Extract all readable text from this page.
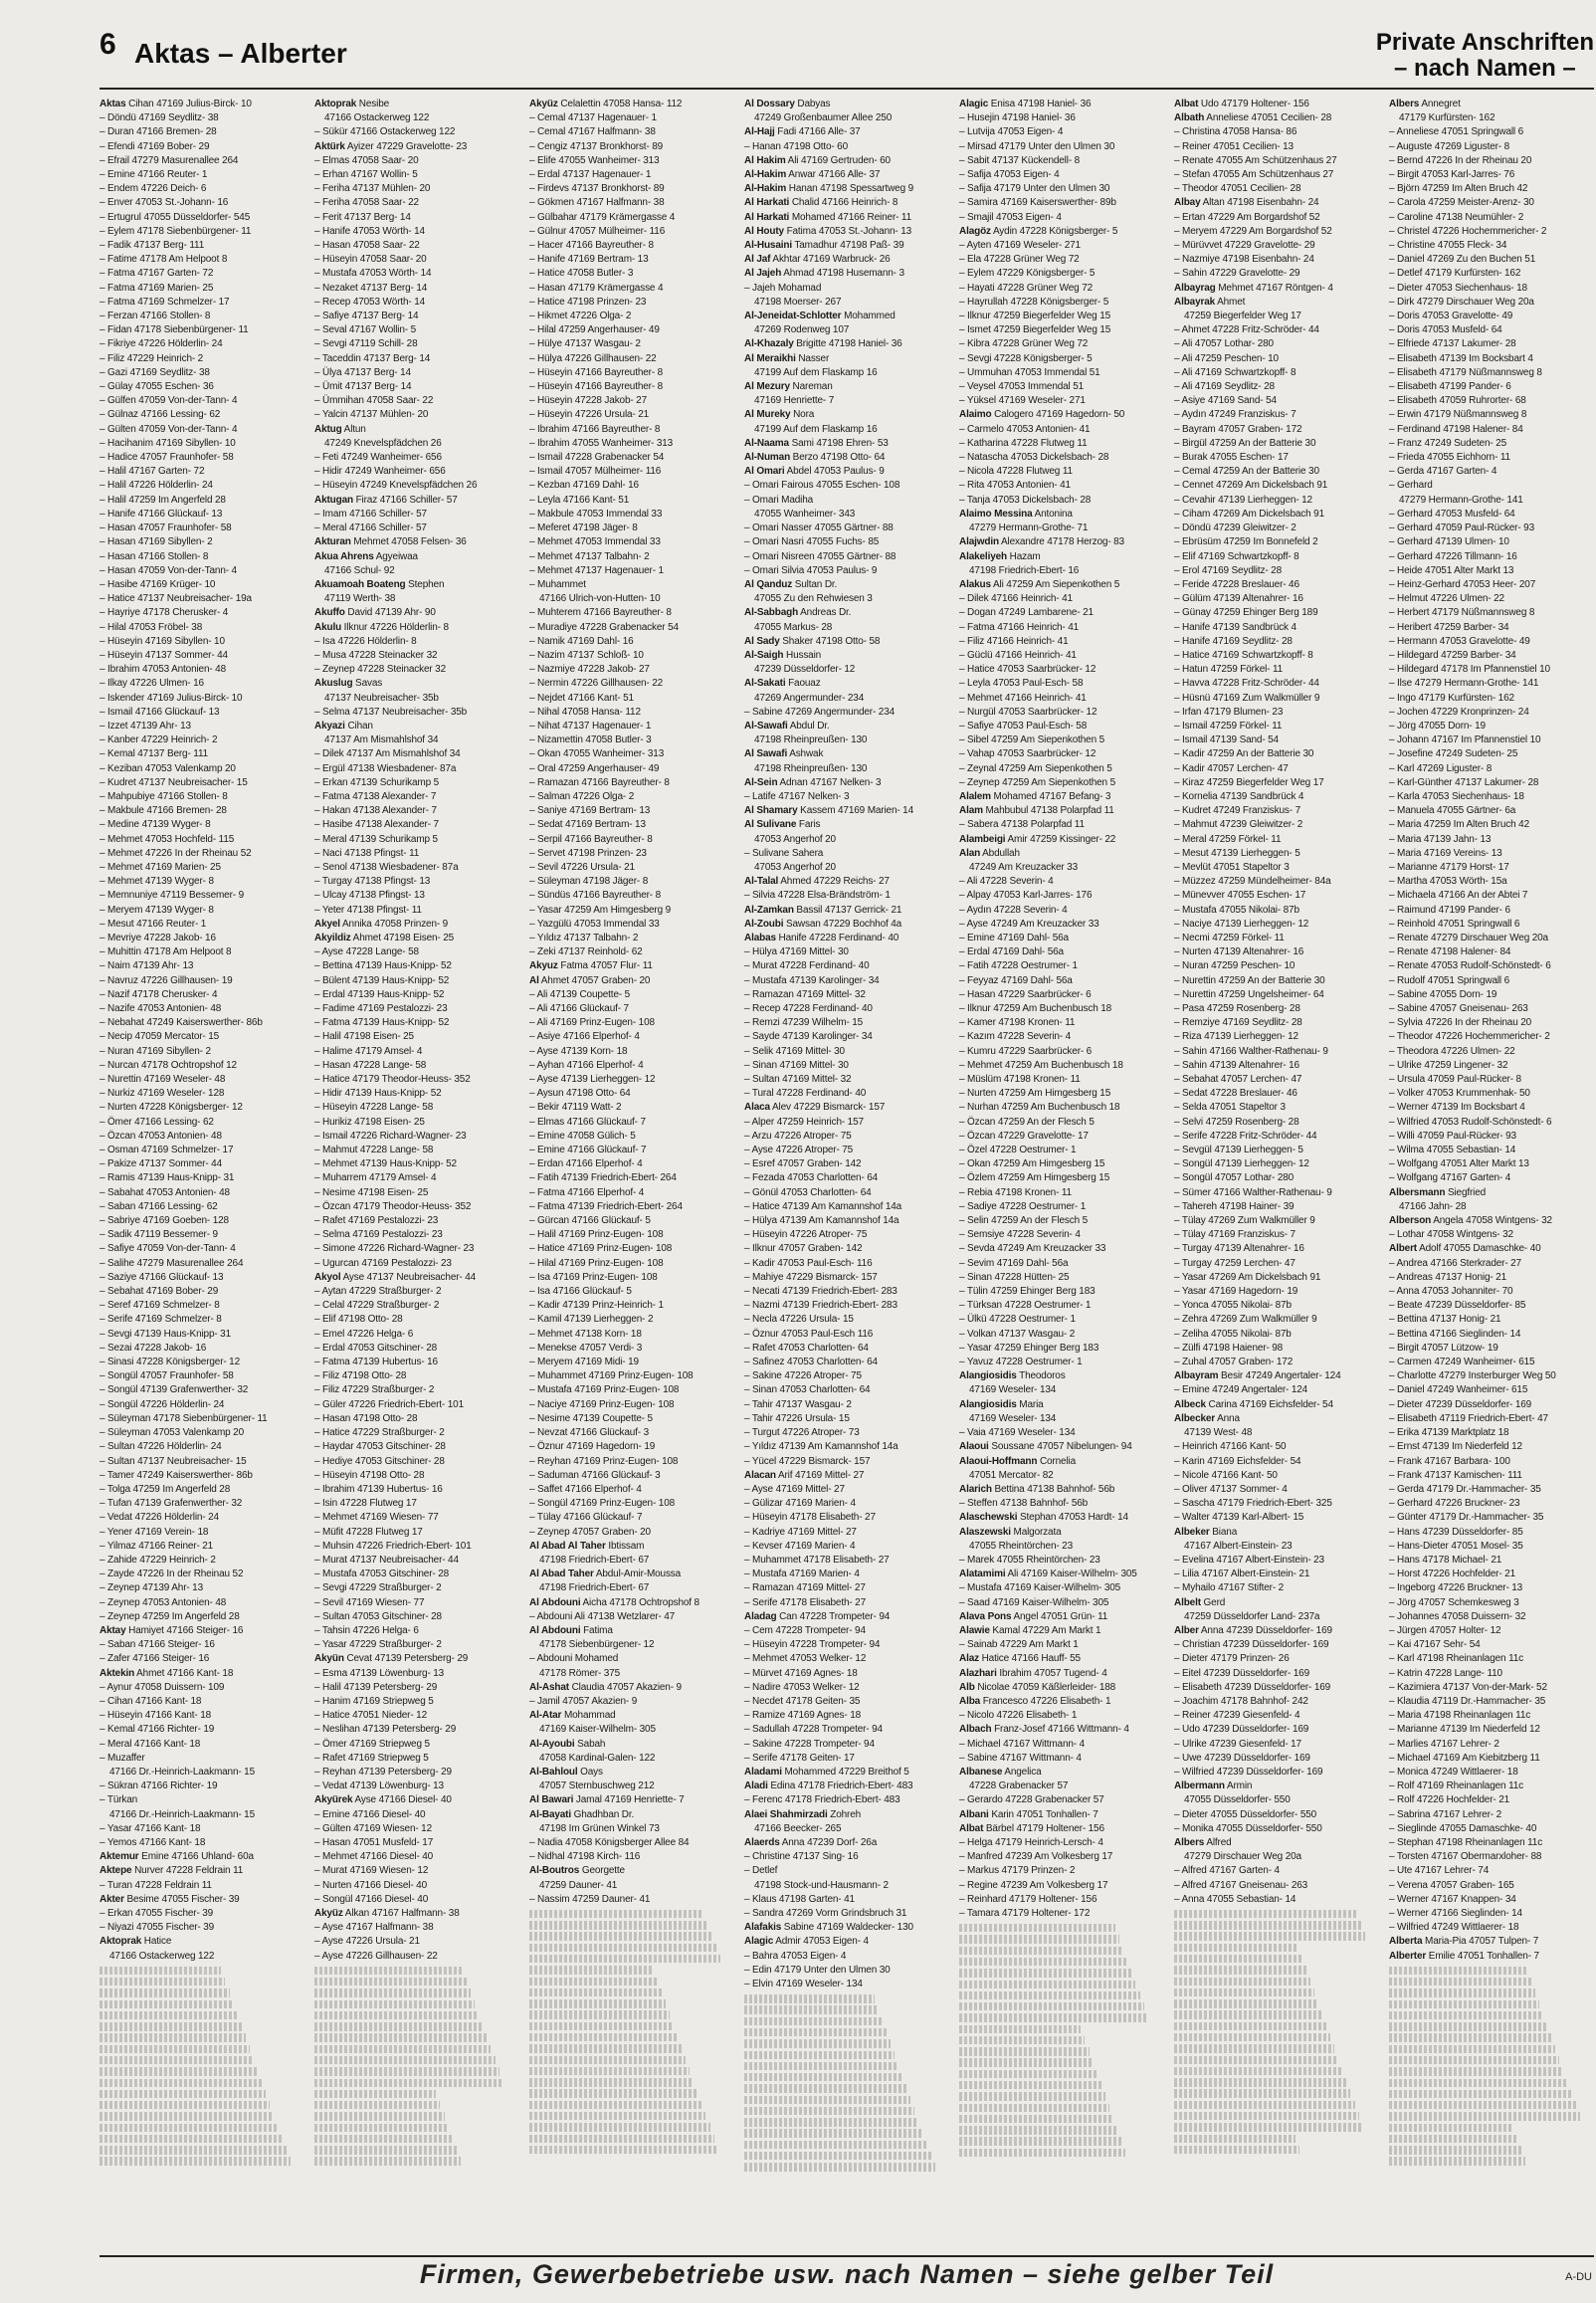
6 Aktas – Alberter	Private Anschriften
– nach Namen –
Aktas Cihan 47169 Julius-Birck- 10
– Döndü 47169 Seydlitz- 38
– Duran 47166 Bremen- 28
– Efendi 47169 Bober- 29
– Efrail 47279 Masurenallee 264
– Emine 47166 Reuter- 1
– Endem 47226 Deich- 6
– Enver 47053 St.-Johann- 16
– Ertugrul 47055 Düsseldorfer- 545
– Eylem 47178 Siebenbürgener- 11
– Fadik 47137 Berg- 111
– Fatime 47178 Am Helpoot 8
– Fatma 47167 Garten- 72
– Fatma 47169 Marien- 25
– Fatma 47169 Schmelzer- 17
– Ferzan 47166 Stollen- 8
– Fidan 47178 Siebenbürgener- 11
– Fikriye 47226 Hölderlin- 24
– Filiz 47229 Heinrich- 2
– Gazi 47169 Seydlitz- 38
– Gülay 47055 Eschen- 36
– Gülfen 47059 Von-der-Tann- 4
– Gülnaz 47166 Lessing- 62
– Gülten 47059 Von-der-Tann- 4
– Hacihanim 47169 Sibyllen- 10
– Hadice 47057 Fraunhofer- 58
– Halil 47167 Garten- 72
– Halil 47226 Hölderlin- 24
– Halil 47259 Im Angerfeld 28
– Hanife 47166 Glückauf- 13
– Hasan 47057 Fraunhofer- 58
– Hasan 47169 Sibyllen- 2
– Hasan 47166 Stollen- 8
– Hasan 47059 Von-der-Tann- 4
– Hasibe 47169 Krüger- 10
– Hatice 47137 Neubreisacher- 19a
– Hayriye 47178 Cherusker- 4
– Hilal 47053 Fröbel- 38
– Hüseyin 47169 Sibyllen- 10
– Hüseyin 47137 Sommer- 44
– Ibrahim 47053 Antonien- 48
– Ilkay 47226 Ulmen- 16
– Iskender 47169 Julius-Birck- 10
– Ismail 47166 Glückauf- 13
– Izzet 47139 Ahr- 13
– Kanber 47229 Heinrich- 2
– Kemal 47137 Berg- 111
– Keziban 47053 Valenkamp 20
– Kudret 47137 Neubreisacher- 15
– Mahpubiye 47166 Stollen- 8
– Makbule 47166 Bremen- 28
– Medine 47139 Wyger- 8
– Mehmet 47053 Hochfeld- 115
– Mehmet 47226 In der Rheinau 52
– Mehmet 47169 Marien- 25
– Mehmet 47139 Wyger- 8
– Memnuniye 47119 Bessemer- 9
– Meryem 47139 Wyger- 8
– Mesut 47166 Reuter- 1
– Mevriye 47228 Jakob- 16
– Muhittin 47178 Am Helpoot 8
– Naim 47139 Ahr- 13
– Navruz 47226 Gillhausen- 19
– Nazif 47178 Cherusker- 4
– Nazife 47053 Antonien- 48
– Nebahat 47249 Kaiserswerther- 86b
– Necip 47059 Mercator- 15
– Nuran 47169 Sibyllen- 2
– Nurcan 47178 Ochtropshof 12
– Nurettin 47169 Weseler- 48
– Nurkiz 47169 Weseler- 128
– Nurten 47228 Königsberger- 12
– Ömer 47166 Lessing- 62
– Özcan 47053 Antonien- 48
– Osman 47169 Schmelzer- 17
– Pakize 47137 Sommer- 44
– Ramis 47139 Haus-Knipp- 31
– Sabahat 47053 Antonien- 48
– Saban 47166 Lessing- 62
– Sabriye 47169 Goeben- 128
– Sadik 47119 Bessemer- 9
– Safiye 47059 Von-der-Tann- 4
– Salihe 47279 Masurenallee 264
– Saziye 47166 Glückauf- 13
– Sebahat 47169 Bober- 29
– Seref 47169 Schmelzer- 8
– Serife 47169 Schmelzer- 8
– Sevgi 47139 Haus-Knipp- 31
– Sezai 47228 Jakob- 16
– Sinasi 47228 Königsberger- 12
– Songül 47057 Fraunhofer- 58
– Songül 47139 Grafenwerther- 32
– Songül 47226 Hölderlin- 24
– Süleyman 47178 Siebenbürgener- 11
– Süleyman 47053 Valenkamp 20
– Sultan 47226 Hölderlin- 24
– Sultan 47137 Neubreisacher- 15
– Tamer 47249 Kaiserswerther- 86b
– Tolga 47259 Im Angerfeld 28
– Tufan 47139 Grafenwerther- 32
– Vedat 47226 Hölderlin- 24
– Yener 47169 Verein- 18
– Yilmaz 47166 Reiner- 21
– Zahide 47229 Heinrich- 2
– Zayde 47226 In der Rheinau 52
– Zeynep 47139 Ahr- 13
– Zeynep 47053 Antonien- 48
– Zeynep 47259 Im Angerfeld 28
Aktay Hamiyet 47166 Steiger- 16
– Saban 47166 Steiger- 16
– Zafer 47166 Steiger- 16
Aktekin Ahmet 47166 Kant- 18
– Aynur 47058 Duissern- 109
– Cihan 47166 Kant- 18
– Hüseyin 47166 Kant- 18
– Kemal 47166 Richter- 19
– Meral 47166 Kant- 18
– Muzaffer
47166 Dr.-Heinrich-Laakmann- 15
– Sükran 47166 Richter- 19
– Türkan
47166 Dr.-Heinrich-Laakmann- 15
– Yasar 47166 Kant- 18
– Yemos 47166 Kant- 18
Aktemur Emine 47166 Uhland- 60a
Aktepe Nurver 47228 Feldrain 11
– Turan 47228 Feldrain 11
Akter Besime 47055 Fischer- 39
– Erkan 47055 Fischer- 39
– Niyazi 47055 Fischer- 39
Aktoprak Hatice
47166 Ostackerweg 122
Aktoprak Nesibe
47166 Ostackerweg 122
– Sükür 47166 Ostackerweg 122
Aktürk Ayizer 47229 Gravelotte- 23
– Elmas 47058 Saar- 20
– Erhan 47167 Wollin- 5
– Feriha 47137 Mühlen- 20
– Feriha 47058 Saar- 22
– Ferit 47137 Berg- 14
– Hanife 47053 Wörth- 14
– Hasan 47058 Saar- 22
– Hüseyin 47058 Saar- 20
– Mustafa 47053 Wörth- 14
– Nezaket 47137 Berg- 14
– Recep 47053 Wörth- 14
– Safiye 47137 Berg- 14
– Seval 47167 Wollin- 5
– Sevgi 47119 Schill- 28
– Taceddin 47137 Berg- 14
– Ülya 47137 Berg- 14
– Ümit 47137 Berg- 14
– Ümmihan 47058 Saar- 22
– Yalcin 47137 Mühlen- 20
Aktug Altun
47249 Knevelspfädchen 26
– Feti 47249 Wanheimer- 656
– Hidir 47249 Wanheimer- 656
– Hüseyin 47249 Knevelspfädchen 26
Aktugan Firaz 47166 Schiller- 57
– Imam 47166 Schiller- 57
– Meral 47166 Schiller- 57
Akturan Mehmet 47058 Felsen- 36
Akua Ahrens Agyeiwaa
47166 Schul- 92
Akuamoah Boateng Stephen
47119 Werth- 38
Akuffo David 47139 Ahr- 90
Akulu Ilknur 47226 Hölderlin- 8
– Isa 47226 Hölderlin- 8
– Musa 47228 Steinacker 32
– Zeynep 47228 Steinacker 32
Akuslug Savas
47137 Neubreisacher- 35b
– Selma 47137 Neubreisacher- 35b
Akyazi Cihan
47137 Am Mismahlshof 34
– Dilek 47137 Am Mismahlshof 34
– Ergül 47138 Wiesbadener- 87a
– Erkan 47139 Schurikamp 5
– Fatma 47138 Alexander- 7
– Hakan 47138 Alexander- 7
– Hasibe 47138 Alexander- 7
– Meral 47139 Schurikamp 5
– Naci 47138 Pfingst- 11
– Senol 47138 Wiesbadener- 87a
– Turgay 47138 Pfingst- 13
– Ulcay 47138 Pfingst- 13
– Yeter 47138 Pfingst- 11
Akyel Annika 47058 Prinzen- 9
Akyildiz Ahmet 47198 Eisen- 25
– Ayse 47228 Lange- 58
– Bettina 47139 Haus-Knipp- 52
– Bülent 47139 Haus-Knipp- 52
– Erdal 47139 Haus-Knipp- 52
– Fadime 47169 Pestalozzi- 23
– Fatma 47139 Haus-Knipp- 52
– Halil 47198 Eisen- 25
– Halime 47179 Amsel- 4
– Hasan 47228 Lange- 58
– Hatice 47179 Theodor-Heuss- 352
– Hidir 47139 Haus-Knipp- 52
– Hüseyin 47228 Lange- 58
– Hurikiz 47198 Eisen- 25
– Ismail 47226 Richard-Wagner- 23
– Mahmut 47228 Lange- 58
– Mehmet 47139 Haus-Knipp- 52
– Muharrem 47179 Amsel- 4
– Nesime 47198 Eisen- 25
– Özcan 47179 Theodor-Heuss- 352
– Rafet 47169 Pestalozzi- 23
– Selma 47169 Pestalozzi- 23
– Simone 47226 Richard-Wagner- 23
– Ugurcan 47169 Pestalozzi- 23
Akyol Ayse 47137 Neubreisacher- 44
– Aytan 47229 Straßburger- 2
– Celal 47229 Straßburger- 2
– Elif 47198 Otto- 28
– Emel 47226 Helga- 6
– Erdal 47053 Gitschiner- 28
– Fatma 47139 Hubertus- 16
– Filiz 47198 Otto- 28
– Filiz 47229 Straßburger- 2
– Güler 47226 Friedrich-Ebert- 101
– Hasan 47198 Otto- 28
– Hatice 47229 Straßburger- 2
– Haydar 47053 Gitschiner- 28
– Hediye 47053 Gitschiner- 28
– Hüseyin 47198 Otto- 28
– Ibrahim 47139 Hubertus- 16
– Isin 47228 Flutweg 17
– Mehmet 47169 Wiesen- 77
– Müfit 47228 Flutweg 17
– Muhsin 47226 Friedrich-Ebert- 101
– Murat 47137 Neubreisacher- 44
– Mustafa 47053 Gitschiner- 28
– Sevgi 47229 Straßburger- 2
– Sevil 47169 Wiesen- 77
– Sultan 47053 Gitschiner- 28
– Tahsin 47226 Helga- 6
– Yasar 47229 Straßburger- 2
Akyün Cevat 47139 Petersberg- 29
– Esma 47139 Löwenburg- 13
– Halil 47139 Petersberg- 29
– Hanim 47169 Striepweg 5
– Hatice 47051 Nieder- 12
– Neslihan 47139 Petersberg- 29
– Ömer 47169 Striepweg 5
– Rafet 47169 Striepweg 5
– Reyhan 47139 Petersberg- 29
– Vedat 47139 Löwenburg- 13
Akyürek Ayse 47166 Diesel- 40
– Emine 47166 Diesel- 40
– Gülten 47169 Wiesen- 12
– Hasan 47051 Musfeld- 17
– Mehmet 47166 Diesel- 40
– Murat 47169 Wiesen- 12
– Nurten 47166 Diesel- 40
– Songül 47166 Diesel- 40
Akyüz Alkan 47167 Halfmann- 38
– Ayse 47167 Halfmann- 38
– Ayse 47226 Ursula- 21
– Ayse 47226 Gillhausen- 22
Akyüz Celalettin 47058 Hansa- 112
– Cemal 47137 Hagenauer- 1
– Cemal 47167 Halfmann- 38
– Cengiz 47137 Bronkhorst- 89
– Elife 47055 Wanheimer- 313
– Erdal 47137 Hagenauer- 1
– Firdevs 47137 Bronkhorst- 89
– Gökmen 47167 Halfmann- 38
– Gülbahar 47179 Krämergasse 4
– Gülnur 47057 Mülheimer- 116
– Hacer 47166 Bayreuther- 8
– Hanife 47169 Bertram- 13
– Hatice 47058 Butler- 3
– Hasan 47179 Krämergasse 4
– Hatice 47198 Prinzen- 23
– Hikmet 47226 Olga- 2
– Hilal 47259 Angerhauser- 49
– Hülye 47137 Wasgau- 2
– Hülya 47226 Gillhausen- 22
– Hüseyin 47166 Bayreuther- 8
– Hüseyin 47166 Bayreuther- 8
– Hüseyin 47228 Jakob- 27
– Hüseyin 47226 Ursula- 21
– Ibrahim 47166 Bayreuther- 8
– Ibrahim 47055 Wanheimer- 313
– Ismail 47228 Grabenacker 54
– Ismail 47057 Mülheimer- 116
– Kezban 47169 Dahl- 16
– Leyla 47166 Kant- 51
– Makbule 47053 Immendal 33
– Meferet 47198 Jäger- 8
– Mehmet 47053 Immendal 33
– Mehmet 47137 Talbahn- 2
– Mehmet 47137 Hagenauer- 1
– Muhammet
47166 Ulrich-von-Hutten- 10
– Muhterem 47166 Bayreuther- 8
– Muradiye 47228 Grabenacker 54
– Namik 47169 Dahl- 16
– Nazim 47137 Schloß- 10
– Nazmiye 47228 Jakob- 27
– Nermin 47226 Gillhausen- 22
– Nejdet 47166 Kant- 51
– Nihal 47058 Hansa- 112
– Nihat 47137 Hagenauer- 1
– Nizamettin 47058 Butler- 3
– Okan 47055 Wanheimer- 313
– Oral 47259 Angerhauser- 49
– Ramazan 47166 Bayreuther- 8
– Salman 47226 Olga- 2
– Saniye 47169 Bertram- 13
– Sedat 47169 Bertram- 13
– Serpil 47166 Bayreuther- 8
– Servet 47198 Prinzen- 23
– Sevil 47226 Ursula- 21
– Süleyman 47198 Jäger- 8
– Sündüs 47166 Bayreuther- 8
– Yasar 47259 Am Himgesberg 9
– Yazgülü 47053 Immendal 33
– Yıldız 47137 Talbahn- 2
– Zeki 47137 Reinhold- 62
Akyuz Fatma 47057 Flur- 11
Al Ahmet 47057 Graben- 20
– Ali 47139 Coupette- 5
– Ali 47166 Glückauf- 7
– Ali 47169 Prinz-Eugen- 108
– Asiye 47166 Elperhof- 4
– Ayse 47139 Korn- 18
– Ayhan 47166 Elperhof- 4
– Ayse 47139 Lierheggen- 12
– Aysun 47198 Otto- 64
– Bekir 47119 Watt- 2
– Elmas 47166 Glückauf- 7
– Emine 47058 Gülich- 5
– Emine 47166 Glückauf- 7
– Erdan 47166 Elperhof- 4
– Fatih 47139 Friedrich-Ebert- 264
– Fatma 47166 Elperhof- 4
– Fatma 47139 Friedrich-Ebert- 264
– Gürcan 47166 Glückauf- 5
– Halil 47169 Prinz-Eugen- 108
– Hatice 47169 Prinz-Eugen- 108
– Hilal 47169 Prinz-Eugen- 108
– Isa 47169 Prinz-Eugen- 108
– Isa 47166 Glückauf- 5
– Kadir 47139 Prinz-Heinrich- 1
– Kamil 47139 Lierheggen- 2
– Mehmet 47138 Korn- 18
– Menekse 47057 Verdi- 3
– Meryem 47169 Midi- 19
– Muhammet 47169 Prinz-Eugen- 108
– Mustafa 47169 Prinz-Eugen- 108
– Naciye 47169 Prinz-Eugen- 108
– Nesime 47139 Coupette- 5
– Nevzat 47166 Glückauf- 3
– Öznur 47169 Hagedorn- 19
– Reyhan 47169 Prinz-Eugen- 108
– Saduman 47166 Glückauf- 3
– Saffet 47166 Elperhof- 4
– Songül 47169 Prinz-Eugen- 108
– Tülay 47166 Glückauf- 7
– Zeynep 47057 Graben- 20
Al Abad Al Taher Ibtissam
47198 Friedrich-Ebert- 67
Al Abad Taher Abdul-Amir-Moussa
47198 Friedrich-Ebert- 67
Al Abdouni Aicha 47178 Ochtropshof 8
– Abdouni Ali 47138 Wetzlarer- 47
Al Abdouni Fatima
47178 Siebenbürgener- 12
– Abdouni Mohamed
47178 Römer- 375
Al-Ashat Claudia 47057 Akazien- 9
– Jamil 47057 Akazien- 9
Al-Atar Mohammad
47169 Kaiser-Wilhelm- 305
Al-Ayoubi Sabah
47058 Kardinal-Galen- 122
Al-Bahloul Oays
47057 Sternbuschweg 212
Al Bawari Jamal 47169 Henriette- 7
Al-Bayati Ghadhban Dr.
47198 Im Grünen Winkel 73
– Nadia 47058 Königsberger Allee 84
– Nidhal 47198 Kirch- 116
Al-Boutros Georgette
47259 Dauner- 41
– Nassim 47259 Dauner- 41
Al Dossary Dabyas
47249 Großenbaumer Allee 250
Al-Hajj Fadi 47166 Alle- 37
– Hanan 47198 Otto- 60
Al Hakim Ali 47169 Gertruden- 60
Al-Hakim Anwar 47166 Alle- 37
Al-Hakim Hanan 47198 Spessartweg 9
Al Harkati Chalid 47166 Heinrich- 8
Al Harkati Mohamed 47166 Reiner- 11
Al Houty Fatima 47053 St.-Johann- 13
Al-Husaini Tamadhur 47198 Paß- 39
Al Jaf Akhtar 47169 Warbruck- 26
Al Jajeh Ahmad 47198 Husemann- 3
– Jajeh Mohamad
47198 Moerser- 267
Al-Jeneidat-Schlotter Mohammed
47269 Rodenweg 107
Al-Khazaly Brigitte 47198 Haniel- 36
Al Meraikhi Nasser
47199 Auf dem Flaskamp 16
Al Mezury Nareman
47169 Henriette- 7
Al Mureky Nora
47199 Auf dem Flaskamp 16
Al-Naama Sami 47198 Ehren- 53
Al-Numan Berzo 47198 Otto- 64
Al Omari Abdel 47053 Paulus- 9
– Omari Fairous 47055 Eschen- 108
– Omari Madiha
47055 Wanheimer- 343
– Omari Nasser 47055 Gärtner- 88
– Omari Nasri 47055 Fuchs- 85
– Omari Nisreen 47055 Gärtner- 88
– Omari Silvia 47053 Paulus- 9
Al Qanduz Sultan Dr.
47055 Zu den Rehwiesen 3
Al-Sabbagh Andreas Dr.
47055 Markus- 28
Al Sady Shaker 47198 Otto- 58
Al-Saigh Hussain
47239 Düsseldorfer- 12
Al-Sakati Faouaz
47269 Angermunder- 234
– Sabine 47269 Angermunder- 234
Al-Sawafi Abdul Dr.
47198 Rheinpreußen- 130
Al Sawafi Ashwak
47198 Rheinpreußen- 130
Al-Sein Adnan 47167 Nelken- 3
– Latife 47167 Nelken- 3
Al Shamary Kassem 47169 Marien- 14
Al Sulivane Faris
47053 Angerhof 20
– Sulivane Sahera
47053 Angerhof 20
Al-Talal Ahmed 47229 Reichs- 27
– Silvia 47228 Elsa-Brändström- 1
Al-Zamkan Bassil 47137 Gerrick- 21
Al-Zoubi Sawsan 47229 Bochhof 4a
Alabas Hanife 47228 Ferdinand- 40
– Hülya 47169 Mittel- 30
– Murat 47228 Ferdinand- 40
– Mustafa 47139 Karolinger- 34
– Ramazan 47169 Mittel- 32
– Recep 47228 Ferdinand- 40
– Remzi 47239 Wilhelm- 15
– Sayde 47139 Karolinger- 34
– Selik 47169 Mittel- 30
– Sinan 47169 Mittel- 30
– Sultan 47169 Mittel- 32
– Tural 47228 Ferdinand- 40
Alaca Alev 47229 Bismarck- 157
– Alper 47259 Heinrich- 157
– Arzu 47226 Atroper- 75
– Ayse 47226 Atroper- 75
– Esref 47057 Graben- 142
– Fezada 47053 Charlotten- 64
– Gönül 47053 Charlotten- 64
– Hatice 47139 Am Kamannshof 14a
– Hülya 47139 Am Kamannshof 14a
– Hüseyin 47226 Atroper- 75
– Ilknur 47057 Graben- 142
– Kadir 47053 Paul-Esch- 116
– Mahiye 47229 Bismarck- 157
– Necati 47139 Friedrich-Ebert- 283
– Nazmi 47139 Friedrich-Ebert- 283
– Necla 47226 Ursula- 15
– Öznur 47053 Paul-Esch 116
– Rafet 47053 Charlotten- 64
– Safinez 47053 Charlotten- 64
– Sakine 47226 Atroper- 75
– Sinan 47053 Charlotten- 64
– Tahir 47137 Wasgau- 2
– Tahir 47226 Ursula- 15
– Turgut 47226 Atroper- 73
– Yıldız 47139 Am Kamannshof 14a
– Yücel 47229 Bismarck- 157
Alacan Arif 47169 Mittel- 27
– Ayse 47169 Mittel- 27
– Gülizar 47169 Marien- 4
– Hüseyin 47178 Elisabeth- 27
– Kadriye 47169 Mittel- 27
– Kevser 47169 Marien- 4
– Muhammet 47178 Elisabeth- 27
– Mustafa 47169 Marien- 4
– Ramazan 47169 Mittel- 27
– Serife 47178 Elisabeth- 27
Aladag Can 47228 Trompeter- 94
– Cem 47228 Trompeter- 94
– Hüseyin 47228 Trompeter- 94
– Mehmet 47053 Welker- 12
– Mürvet 47169 Agnes- 18
– Nadire 47053 Welker- 12
– Necdet 47178 Geiten- 35
– Ramize 47169 Agnes- 18
– Sadullah 47228 Trompeter- 94
– Sakine 47228 Trompeter- 94
– Serife 47178 Geiten- 17
Aladami Mohammed 47229 Breithof 5
Aladi Edina 47178 Friedrich-Ebert- 483
– Ferenc 47178 Friedrich-Ebert- 483
Alaei Shahmirzadi Zohreh
47166 Beecker- 265
Alaerds Anna 47239 Dorf- 26a
– Christine 47137 Sing- 16
– Detlef
47198 Stock-und-Hausmann- 2
– Klaus 47198 Garten- 41
– Sandra 47269 Vorm Grindsbruch 31
Alafakis Sabine 47169 Waldecker- 130
Alagic Admir 47053 Eigen- 4
– Bahra 47053 Eigen- 4
– Edin 47179 Unter den Ulmen 30
– Elvin 47169 Weseler- 134
Alagic Enisa 47198 Haniel- 36
– Husejin 47198 Haniel- 36
– Lutvija 47053 Eigen- 4
– Mirsad 47179 Unter den Ulmen 30
– Sabit 47137 Kückendell- 8
– Safija 47053 Eigen- 4
– Safija 47179 Unter den Ulmen 30
– Samira 47169 Kaiserswerther- 89b
– Smajil 47053 Eigen- 4
Alagöz Aydin 47228 Königsberger- 5
– Ayten 47169 Weseler- 271
– Ela 47228 Grüner Weg 72
– Eylem 47229 Königsberger- 5
– Hayati 47228 Grüner Weg 72
– Hayrullah 47228 Königsberger- 5
– Ilknur 47259 Biegerfelder Weg 15
– Ismet 47259 Biegerfelder Weg 15
– Kibra 47228 Grüner Weg 72
– Sevgi 47228 Königsberger- 5
– Ummuhan 47053 Immendal 51
– Veysel 47053 Immendal 51
– Yüksel 47169 Weseler- 271
Alaimo Calogero 47169 Hagedorn- 50
– Carmelo 47053 Antonien- 41
– Katharina 47228 Flutweg 11
– Natascha 47053 Dickelsbach- 28
– Nicola 47228 Flutweg 11
– Rita 47053 Antonien- 41
– Tanja 47053 Dickelsbach- 28
Alaimo Messina Antonina
47279 Hermann-Grothe- 71
Alajwdin Alexandre 47178 Herzog- 83
Alakeliyeh Hazam
47198 Friedrich-Ebert- 16
Alakus Ali 47259 Am Siepenkothen 5
– Dilek 47166 Heinrich- 41
– Dogan 47249 Lambarene- 21
– Fatma 47166 Heinrich- 41
– Filiz 47166 Heinrich- 41
– Güclü 47166 Heinrich- 41
– Hatice 47053 Saarbrücker- 12
– Leyla 47053 Paul-Esch- 58
– Mehmet 47166 Heinrich- 41
– Nurgül 47053 Saarbrücker- 12
– Safiye 47053 Paul-Esch- 58
– Sibel 47259 Am Siepenkothen 5
– Vahap 47053 Saarbrücker- 12
– Zeynal 47259 Am Siepenkothen 5
– Zeynep 47259 Am Siepenkothen 5
Alalem Mohamed 47167 Befang- 3
Alam Mahbubul 47138 Polarpfad 11
– Sabera 47138 Polarpfad 11
Alambeigi Amir 47259 Kissinger- 22
Alan Abdullah
47249 Am Kreuzacker 33
– Ali 47228 Severin- 4
– Alpay 47053 Karl-Jarres- 176
– Aydın 47228 Severin- 4
– Ayse 47249 Am Kreuzacker 33
– Emine 47169 Dahl- 56a
– Erdal 47169 Dahl- 56a
– Fatih 47228 Oestrumer- 1
– Feyyaz 47169 Dahl- 56a
– Hasan 47229 Saarbrücker- 6
– Ilknur 47259 Am Buchenbusch 18
– Kamer 47198 Kronen- 11
– Kazım 47228 Severin- 4
– Kumru 47229 Saarbrücker- 6
– Mehmet 47259 Am Buchenbusch 18
– Müslüm 47198 Kronen- 11
– Nurten 47259 Am Himgesberg 15
– Nurhan 47259 Am Buchenbusch 18
– Özcan 47259 An der Flesch 5
– Özcan 47229 Gravelotte- 17
– Özel 47228 Oestrumer- 1
– Okan 47259 Am Himgesberg 15
– Özlem 47259 Am Himgesberg 15
– Rebia 47198 Kronen- 11
– Sadiye 47228 Oestrumer- 1
– Selin 47259 An der Flesch 5
– Semsiye 47228 Severin- 4
– Sevda 47249 Am Kreuzacker 33
– Sevim 47169 Dahl- 56a
– Sinan 47228 Hütten- 25
– Tülin 47259 Ehinger Berg 183
– Türksan 47228 Oestrumer- 1
– Ülkü 47228 Oestrumer- 1
– Volkan 47137 Wasgau- 2
– Yasar 47259 Ehinger Berg 183
– Yavuz 47228 Oestrumer- 1
Alangiosidis Theodoros
47169 Weseler- 134
Alangiosidis Maria
47169 Weseler- 134
– Vaia 47169 Weseler- 134
Alaoui Soussane 47057 Nibelungen- 94
Alaoui-Hoffmann Cornelia
47051 Mercator- 82
Alarich Bettina 47138 Bahnhof- 56b
– Steffen 47138 Bahnhof- 56b
Alaschewski Stephan 47053 Hardt- 14
Alaszewski Malgorzata
47055 Rheintörchen- 23
– Marek 47055 Rheintörchen- 23
Alatamimi Ali 47169 Kaiser-Wilhelm- 305
– Mustafa 47169 Kaiser-Wilhelm- 305
– Saad 47169 Kaiser-Wilhelm- 305
Alava Pons Angel 47051 Grün- 11
Alawie Kamal 47229 Am Markt 1
– Sainab 47229 Am Markt 1
Alaz Hatice 47166 Hauff- 55
Alazhari Ibrahim 47057 Tugend- 4
Alb Nicolae 47059 Käßlerleider- 188
Alba Francesco 47226 Elisabeth- 1
– Nicolo 47226 Elisabeth- 1
Albach Franz-Josef 47166 Wittmann- 4
– Michael 47167 Wittmann- 4
– Sabine 47167 Wittmann- 4
Albanese Angelica
47228 Grabenacker 57
– Gerardo 47228 Grabenacker 57
Albani Karin 47051 Tonhallen- 7
Albat Bärbel 47179 Holtener- 156
– Helga 47179 Heinrich-Lersch- 4
– Manfred 47239 Am Volkesberg 17
– Markus 47179 Prinzen- 2
– Regine 47239 Am Volkesberg 17
– Reinhard 47179 Holtener- 156
– Tamara 47179 Holtener- 172
Albat Udo 47179 Holtener- 156
Albath Anneliese 47051 Cecilien- 28
– Christina 47058 Hansa- 86
– Reiner 47051 Cecilien- 13
– Renate 47055 Am Schützenhaus 27
– Stefan 47055 Am Schützenhaus 27
– Theodor 47051 Cecilien- 28
Albay Altan 47198 Eisenbahn- 24
– Ertan 47229 Am Borgardshof 52
– Meryem 47229 Am Borgardshof 52
– Mürüvvet 47229 Gravelotte- 29
– Nazmiye 47198 Eisenbahn- 24
– Sahin 47229 Gravelotte- 29
Albayrag Mehmet 47167 Röntgen- 4
Albayrak Ahmet
47259 Biegerfelder Weg 17
– Ahmet 47228 Fritz-Schröder- 44
– Ali 47057 Lothar- 280
– Ali 47259 Peschen- 10
– Ali 47169 Schwartzkopff- 8
– Ali 47169 Seydlitz- 28
– Asiye 47169 Sand- 54
– Aydın 47249 Franziskus- 7
– Bayram 47057 Graben- 172
– Birgül 47259 An der Batterie 30
– Burak 47055 Eschen- 17
– Cemal 47259 An der Batterie 30
– Cennet 47269 Am Dickelsbach 91
– Cevahir 47139 Lierheggen- 12
– Ciham 47269 Am Dickelsbach 91
– Döndü 47239 Gleiwitzer- 2
– Ebrüsüm 47259 Im Bonnefeld 2
– Elif 47169 Schwartzkopff- 8
– Erol 47169 Seydlitz- 28
– Feride 47228 Breslauer- 46
– Gülüm 47139 Altenahrer- 16
– Günay 47259 Ehinger Berg 189
– Hanife 47139 Sandbrück 4
– Hanife 47169 Seydlitz- 28
– Hatice 47169 Schwartzkopff- 8
– Hatun 47259 Förkel- 11
– Havva 47228 Fritz-Schröder- 44
– Hüsnü 47169 Zum Walkmüller 9
– Irfan 47179 Blumen- 23
– Ismail 47259 Förkel- 11
– Ismail 47139 Sand- 54
– Kadir 47259 An der Batterie 30
– Kadir 47057 Lerchen- 47
– Kiraz 47259 Biegerfelder Weg 17
– Kornelia 47139 Sandbrück 4
– Kudret 47249 Franziskus- 7
– Mahmut 47239 Gleiwitzer- 2
– Meral 47259 Förkel- 11
– Mesut 47139 Lierheggen- 5
– Mevlüt 47051 Stapeltor 3
– Müzzez 47259 Mündelheimer- 84a
– Münevver 47055 Eschen- 17
– Mustafa 47055 Nikolai- 87b
– Naciye 47139 Lierheggen- 12
– Necmi 47259 Förkel- 11
– Nurten 47139 Altenahrer- 16
– Nuran 47259 Peschen- 10
– Nurettin 47259 An der Batterie 30
– Nurettin 47259 Ungelsheimer- 64
– Pasa 47259 Rosenberg- 28
– Remziye 47169 Seydlitz- 28
– Riza 47139 Lierheggen- 12
– Sahin 47166 Walther-Rathenau- 9
– Sahin 47139 Altenahrer- 16
– Sebahat 47057 Lerchen- 47
– Sedat 47228 Breslauer- 46
– Selda 47051 Stapeltor 3
– Selvi 47259 Rosenberg- 28
– Serife 47228 Fritz-Schröder- 44
– Sevgül 47139 Lierheggen- 5
– Songül 47139 Lierheggen- 12
– Songül 47057 Lothar- 280
– Sümer 47166 Walther-Rathenau- 9
– Tahereh 47198 Hainer- 39
– Tülay 47269 Zum Walkmüller 9
– Tülay 47169 Franziskus- 7
– Turgay 47139 Altenahrer- 16
– Turgay 47259 Lerchen- 47
– Yasar 47269 Am Dickelsbach 91
– Yasar 47169 Hagedorn- 19
– Yonca 47055 Nikolai- 87b
– Zehra 47269 Zum Walkmüller 9
– Zeliha 47055 Nikolai- 87b
– Zülfi 47198 Haiener- 98
– Zuhal 47057 Graben- 172
Albayram Besir 47249 Angertaler- 124
– Emine 47249 Angertaler- 124
Albeck Carina 47169 Eichsfelder- 54
Albecker Anna
47139 West- 48
– Heinrich 47166 Kant- 50
– Karin 47169 Eichsfelder- 54
– Nicole 47166 Kant- 50
– Oliver 47137 Sommer- 4
– Sascha 47179 Friedrich-Ebert- 325
– Walter 47139 Karl-Albert- 15
Albeker Biana
47167 Albert-Einstein- 23
– Evelina 47167 Albert-Einstein- 23
– Lilia 47167 Albert-Einstein- 21
– Myhailo 47167 Stifter- 2
Albelt Gerd
47259 Düsseldorfer Land- 237a
Alber Anna 47239 Düsseldorfer- 169
– Christian 47239 Düsseldorfer- 169
– Dieter 47179 Prinzen- 26
– Eitel 47239 Düsseldorfer- 169
– Elisabeth 47239 Düsseldorfer- 169
– Joachim 47178 Bahnhof- 242
– Reiner 47239 Giesenfeld- 4
– Udo 47239 Düsseldorfer- 169
– Ulrike 47239 Giesenfeld- 17
– Uwe 47239 Düsseldorfer- 169
– Wilfried 47239 Düsseldorfer- 169
Albermann Armin
47055 Düsseldorfer- 550
– Dieter 47055 Düsseldorfer- 550
– Monika 47055 Düsseldorfer- 550
Albers Alfred
47279 Dirschauer Weg 20a
– Alfred 47167 Garten- 4
– Alfred 47167 Gneisenau- 263
– Anna 47055 Sebastian- 14
Albers Annegret
47179 Kurfürsten- 162
– Anneliese 47051 Springwall 6
– Auguste 47269 Liguster- 8
– Bernd 47226 In der Rheinau 20
– Birgit 47053 Karl-Jarres- 76
– Björn 47259 Im Alten Bruch 42
– Carola 47259 Meister-Arenz- 30
– Caroline 47138 Neumühler- 2
– Christel 47226 Hochemmericher- 2
– Christine 47055 Fleck- 34
– Daniel 47269 Zu den Buchen 51
– Detlef 47179 Kurfürsten- 162
– Dieter 47053 Siechenhaus- 18
– Dirk 47279 Dirschauer Weg 20a
– Doris 47053 Gravelotte- 49
– Doris 47053 Musfeld- 64
– Elfriede 47137 Lakumer- 28
– Elisabeth 47139 Im Bocksbart 4
– Elisabeth 47179 Nüßmannsweg 8
– Elisabeth 47199 Pander- 6
– Elisabeth 47059 Ruhrorter- 68
– Erwin 47179 Nüßmannsweg 8
– Ferdinand 47198 Halener- 84
– Franz 47249 Sudeten- 25
– Frieda 47055 Eichhorn- 11
– Gerda 47167 Garten- 4
– Gerhard
47279 Hermann-Grothe- 141
– Gerhard 47053 Musfeld- 64
– Gerhard 47059 Paul-Rücker- 93
– Gerhard 47139 Ulmen- 10
– Gerhard 47226 Tillmann- 16
– Heide 47051 Alter Markt 13
– Heinz-Gerhard 47053 Heer- 207
– Helmut 47226 Ulmen- 22
– Herbert 47179 Nüßmannsweg 8
– Heribert 47259 Barber- 34
– Hermann 47053 Gravelotte- 49
– Hildegard 47259 Barber- 34
– Hildegard 47178 Im Pfannenstiel 10
– Ilse 47279 Hermann-Grothe- 141
– Ingo 47179 Kurfürsten- 162
– Jochen 47229 Kronprinzen- 24
– Jörg 47055 Dorn- 19
– Johann 47167 Im Pfannenstiel 10
– Josefine 47249 Sudeten- 25
– Karl 47269 Liguster- 8
– Karl-Günther 47137 Lakumer- 28
– Karla 47053 Siechenhaus- 18
– Manuela 47055 Gärtner- 6a
– Maria 47259 Im Alten Bruch 42
– Maria 47139 Jahn- 13
– Maria 47169 Vereins- 13
– Marianne 47179 Horst- 17
– Martha 47053 Wörth- 15a
– Michaela 47166 An der Abtei 7
– Raimund 47199 Pander- 6
– Reinhold 47051 Springwall 6
– Renate 47279 Dirschauer Weg 20a
– Renate 47198 Halener- 84
– Renate 47053 Rudolf-Schönstedt- 6
– Rudolf 47051 Springwall 6
– Sabine 47055 Dorn- 19
– Sabine 47057 Gneisenau- 263
– Sylvia 47226 In der Rheinau 20
– Theodor 47226 Hochemmericher- 2
– Theodora 47226 Ulmen- 22
– Ulrike 47259 Lingener- 32
– Ursula 47059 Paul-Rücker- 8
– Volker 47053 Krummenhak- 50
– Werner 47139 Im Bocksbart 4
– Wilfried 47053 Rudolf-Schönstedt- 6
– Willi 47059 Paul-Rücker- 93
– Wilma 47055 Sebastian- 14
– Wolfgang 47051 Alter Markt 13
– Wolfgang 47167 Garten- 4
Albersmann Siegfried
47166 Jahn- 28
Alberson Angela 47058 Wintgens- 32
– Lothar 47058 Wintgens- 32
Albert Adolf 47055 Damaschke- 40
– Andrea 47166 Sterkrader- 27
– Andreas 47137 Honig- 21
– Anna 47053 Johanniter- 70
– Beate 47239 Düsseldorfer- 85
– Bettina 47137 Honig- 21
– Bettina 47166 Sieglinden- 14
– Birgit 47057 Lützow- 19
– Carmen 47249 Wanheimer- 615
– Charlotte 47279 Insterburger Weg 50
– Daniel 47249 Wanheimer- 615
– Dieter 47239 Düsseldorfer- 169
– Elisabeth 47119 Friedrich-Ebert- 47
– Erika 47139 Marktplatz 18
– Ernst 47139 Im Niederfeld 12
– Frank 47167 Barbara- 100
– Frank 47137 Kamischen- 111
– Gerda 47179 Dr.-Hammacher- 35
– Gerhard 47226 Bruckner- 23
– Günter 47179 Dr.-Hammacher- 35
– Hans 47239 Düsseldorfer- 85
– Hans-Dieter 47051 Mosel- 35
– Hans 47178 Michael- 21
– Horst 47226 Hochfelder- 21
– Ingeborg 47226 Bruckner- 13
– Jörg 47057 Schemkesweg 3
– Johannes 47058 Duissern- 32
– Jürgen 47057 Holter- 12
– Kai 47167 Sehr- 54
– Karl 47198 Rheinanlagen 11c
– Katrin 47228 Lange- 110
– Kazimiera 47137 Von-der-Mark- 52
– Klaudia 47119 Dr.-Hammacher- 35
– Maria 47198 Rheinanlagen 11c
– Marianne 47139 Im Niederfeld 12
– Marlies 47167 Lehrer- 2
– Michael 47169 Am Kiebitzberg 11
– Monica 47249 Wittlaerer- 18
– Rolf 47169 Rheinanlagen 11c
– Rolf 47226 Hochfelder- 21
– Sabrina 47167 Lehrer- 2
– Sieglinde 47055 Damaschke- 40
– Stephan 47198 Rheinanlagen 11c
– Torsten 47167 Obermarxloher- 88
– Ute 47167 Lehrer- 74
– Verena 47057 Graben- 165
– Werner 47167 Knappen- 34
– Werner 47166 Sieglinden- 14
– Wilfried 47249 Wittlaerer- 18
Alberta Maria-Pia 47057 Tulpen- 7
Alberter Emilie 47051 Tonhallen- 7
Firmen, Gewerbebetriebe usw. nach Namen – siehe gelber Teil	A-DU
